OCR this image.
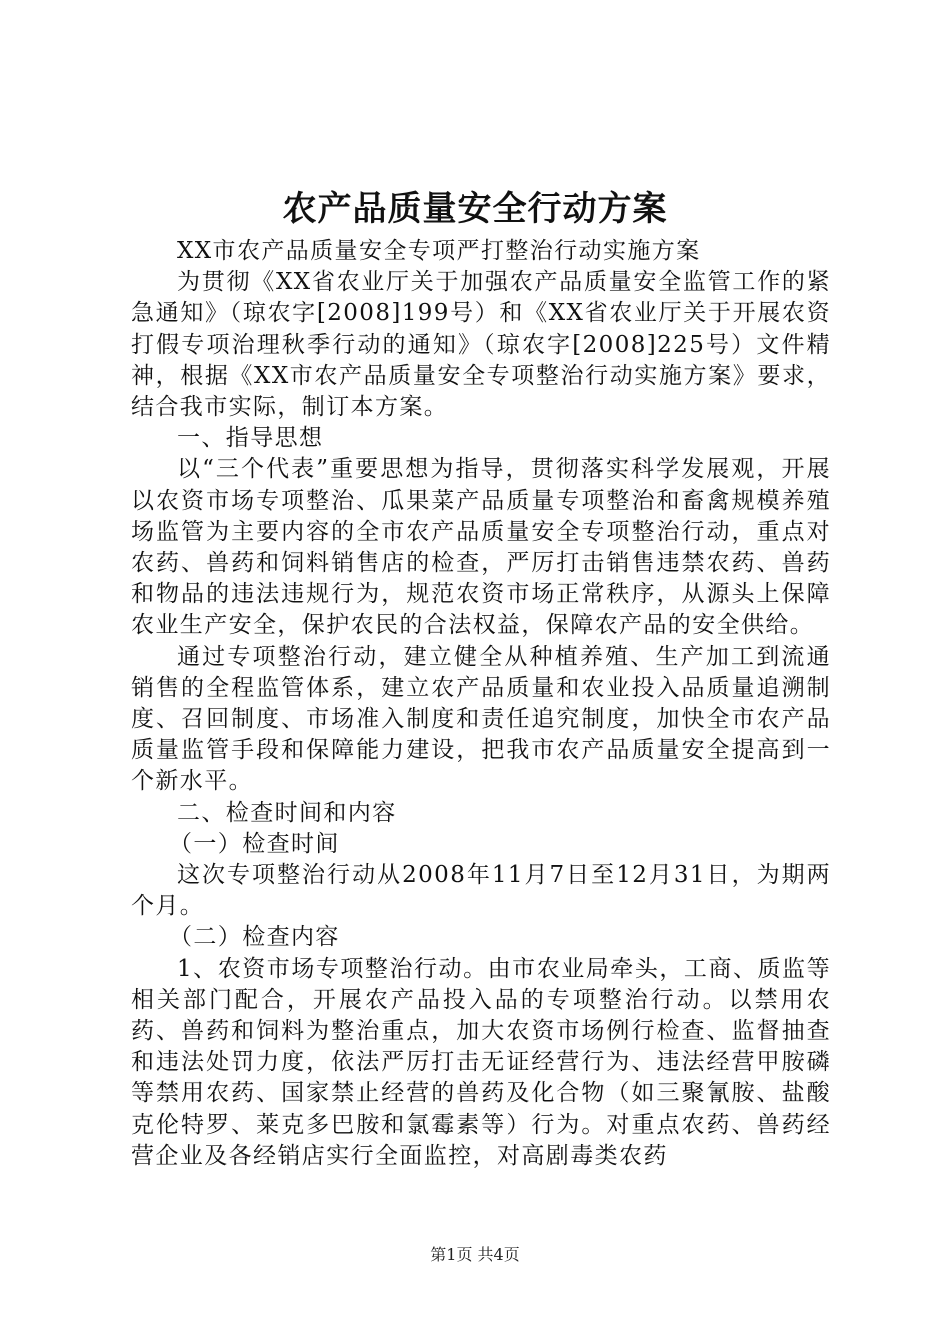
农产品质量安全行动方案

XX市农产品质量安全专项严打整治行动实施方案

为贯彻《XX省农业厅关于加强农产品质量安全监管工作的紧急通知》（琼农字[2008]199号）和《XX省农业厅关于开展农资打假专项治理秋季行动的通知》（琼农字[2008]225号）文件精神，根据《XX市农产品质量安全专项整治行动实施方案》要求，结合我市实际，制订本方案。

一、指导思想

以“三个代表”重要思想为指导，贯彻落实科学发展观，开展以农资市场专项整治、瓜果菜产品质量专项整治和畜禽规模养殖场监管为主要内容的全市农产品质量安全专项整治行动，重点对农药、兽药和饲料销售店的检查，严厉打击销售违禁农药、兽药和物品的违法违规行为，规范农资市场正常秩序，从源头上保障农业生产安全，保护农民的合法权益，保障农产品的安全供给。

通过专项整治行动，建立健全从种植养殖、生产加工到流通销售的全程监管体系，建立农产品质量和农业投入品质量追溯制度、召回制度、市场准入制度和责任追究制度，加快全市农产品质量监管手段和保障能力建设，把我市农产品质量安全提高到一个新水平。

二、检查时间和内容

（一）检查时间

这次专项整治行动从2008年11月7日至12月31日，为期两个月。

（二）检查内容

1、农资市场专项整治行动。由市农业局牵头，工商、质监等相关部门配合，开展农产品投入品的专项整治行动。以禁用农药、兽药和饲料为整治重点，加大农资市场例行检查、监督抽查和违法处罚力度，依法严厉打击无证经营行为、违法经营甲胺磷等禁用农药、国家禁止经营的兽药及化合物（如三聚氰胺、盐酸克伦特罗、莱克多巴胺和氯霉素等）行为。对重点农药、兽药经营企业及各经销店实行全面监控，对高剧毒类农药

第1页 共4页
